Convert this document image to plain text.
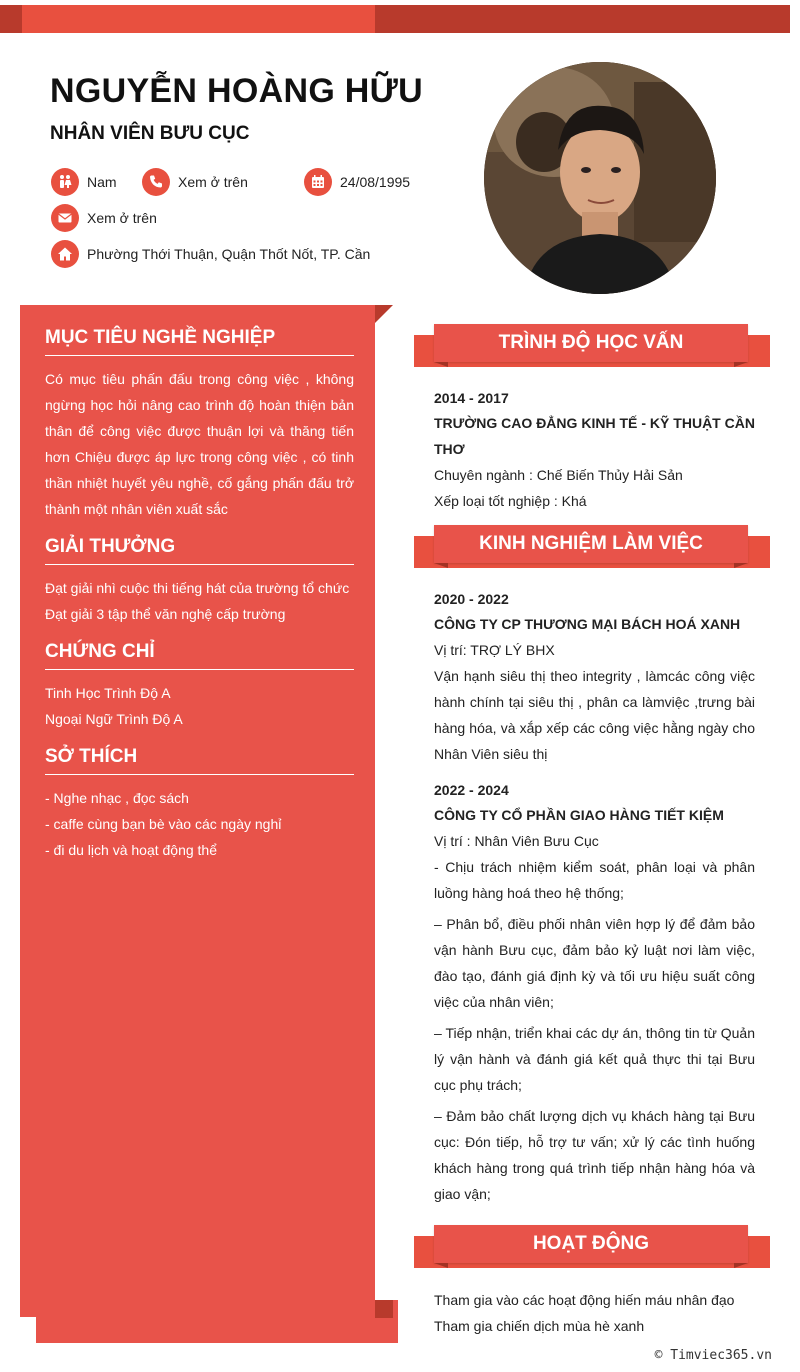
NGUYỄN HOÀNG HỮU
NHÂN VIÊN BƯU CỤC
Nam	Xem ở trên	24/08/1995
Xem ở trên
Phường Thới Thuận, Quận Thốt Nốt, TP. Cần
MỤC TIÊU NGHỀ NGHIỆP
Có mục tiêu phấn đấu trong công việc , không ngừng học hỏi nâng cao trình độ hoàn thiện bản thân để công việc được thuận lợi và thăng tiến hơn Chiệu được áp lực trong công việc , có tinh thần nhiệt huyết yêu nghề, cố gắng phấn đấu trở thành một nhân viên xuất sắc
GIẢI THƯỞNG
Đạt giải nhì cuộc thi tiếng hát của trường tổ chức
Đạt giải 3 tập thể văn nghệ cấp trường
CHỨNG CHỈ
Tinh Học Trình Độ A
Ngoại Ngữ Trình Độ A
SỞ THÍCH
- Nghe nhạc , đọc sách
- caffe cùng bạn bè vào các ngày nghỉ
- đi du lịch và hoạt động thể
TRÌNH ĐỘ HỌC VẤN
2014 - 2017
TRƯỜNG CAO ĐẲNG KINH TẾ - KỸ THUẬT CẦN THƠ
Chuyên ngành : Chế Biến Thủy Hải Sản
Xếp loại tốt nghiệp : Khá
KINH NGHIỆM LÀM VIỆC
2020 - 2022
CÔNG TY CP THƯƠNG MẠI BÁCH HOÁ XANH
Vị trí: TRỢ LÝ BHX
Vận hạnh siêu thị theo integrity , làmcác công việc hành chính tại siêu thị , phân ca làmviệc ,trưng bài hàng hóa, và xắp xếp các công việc hằng ngày cho Nhân Viên siêu thị
2022 - 2024
CÔNG TY CỔ PHẦN GIAO HÀNG TIẾT KIỆM
Vị trí : Nhân Viên Bưu Cục
- Chịu trách nhiệm kiểm soát, phân loại và phân luồng hàng hoá theo hệ thống;
– Phân bổ, điều phối nhân viên hợp lý để đảm bảo vận hành Bưu cục, đảm bảo kỷ luật nơi làm việc, đào tạo, đánh giá định kỳ và tối ưu hiệu suất công việc của nhân viên;
– Tiếp nhận, triển khai các dự án, thông tin từ Quản lý vận hành và đánh giá kết quả thực thi tại Bưu cục phụ trách;
– Đảm bảo chất lượng dịch vụ khách hàng tại Bưu cục: Đón tiếp, hỗ trợ tư vấn; xử lý các tình huống khách hàng trong quá trình tiếp nhận hàng hóa và giao vận;
HOẠT ĐỘNG
Tham gia vào các hoạt động hiến máu nhân đạo
Tham gia chiến dịch mùa hè xanh
© Timviec365.vn
